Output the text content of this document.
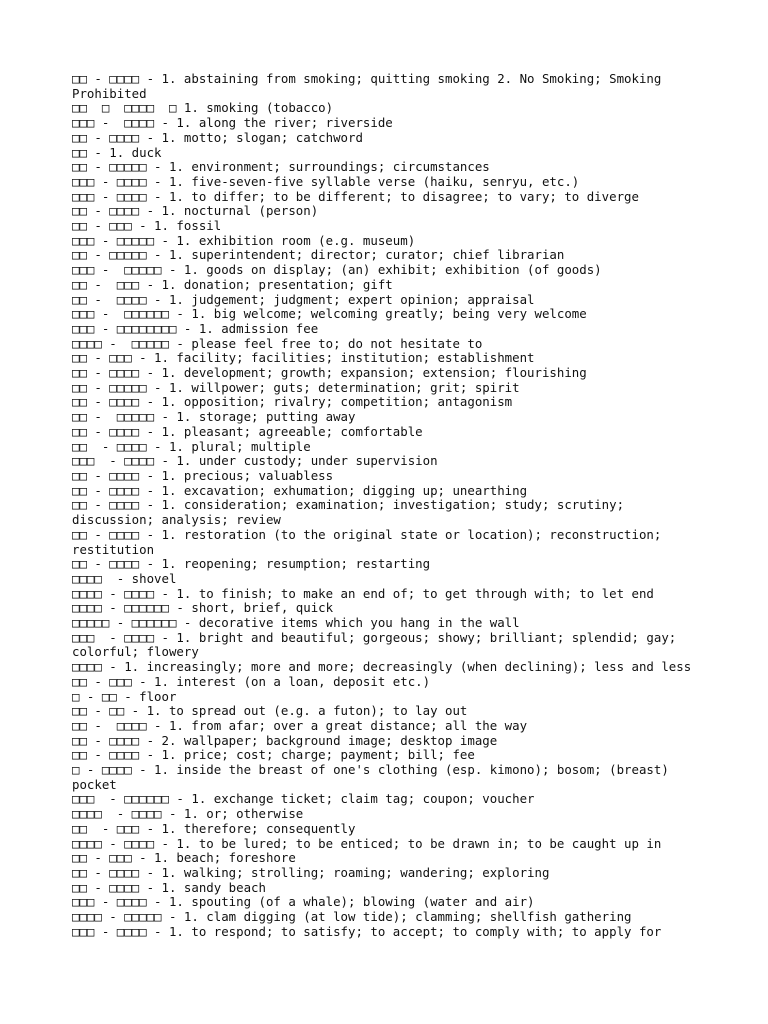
□□ - □□□□ - 1. abstaining from smoking; quitting smoking 2. No Smoking; Smoking Prohibited

□□  □  □□□□  □ 1. smoking (tobacco)

□□□ -  □□□□ - 1. along the river; riverside

□□ - □□□□ - 1. motto; slogan; catchword

□□ - 1. duck

□□ - □□□□□ - 1. environment; surroundings; circumstances

□□□ - □□□□ - 1. five-seven-five syllable verse (haiku, senryu, etc.)

□□□ - □□□□ - 1. to differ; to be different; to disagree; to vary; to diverge

□□ - □□□□ - 1. nocturnal (person)

□□ - □□□ - 1. fossil

□□□ - □□□□□ - 1. exhibition room (e.g. museum)

□□ - □□□□□ - 1. superintendent; director; curator; chief librarian

□□□ -  □□□□□ - 1. goods on display; (an) exhibit; exhibition (of goods)

□□ -  □□□ - 1. donation; presentation; gift

□□ -  □□□□ - 1. judgement; judgment; expert opinion; appraisal

□□□ -  □□□□□□ - 1. big welcome; welcoming greatly; being very welcome

□□□ - □□□□□□□□ - 1. admission fee

□□□□ -  □□□□□ - please feel free to; do not hesitate to

□□ - □□□ - 1. facility; facilities; institution; establishment

□□ - □□□□ - 1. development; growth; expansion; extension; flourishing

□□ - □□□□□ - 1. willpower; guts; determination; grit; spirit

□□ - □□□□ - 1. opposition; rivalry; competition; antagonism

□□ -  □□□□□ - 1. storage; putting away

□□ - □□□□ - 1. pleasant; agreeable; comfortable

□□  - □□□□ - 1. plural; multiple

□□□  - □□□□ - 1. under custody; under supervision

□□ - □□□□ - 1. precious; valuabless

□□ - □□□□ - 1. excavation; exhumation; digging up; unearthing

□□ - □□□□ - 1. consideration; examination; investigation; study; scrutiny; discussion; analysis; review

□□ - □□□□ - 1. restoration (to the original state or location); reconstruction; restitution

□□ - □□□□ - 1. reopening; resumption; restarting

□□□□  - shovel

□□□□ - □□□□ - 1. to finish; to make an end of; to get through with; to let end

□□□□ - □□□□□□ - short, brief, quick

□□□□□ - □□□□□□ - decorative items which you hang in the wall

□□□  - □□□□ - 1. bright and beautiful; gorgeous; showy; brilliant; splendid; gay; colorful; flowery

□□□□ - 1. increasingly; more and more; decreasingly (when declining); less and less

□□ - □□□ - 1. interest (on a loan, deposit etc.)

□ - □□ - floor

□□ - □□ - 1. to spread out (e.g. a futon); to lay out

□□ -  □□□□ - 1. from afar; over a great distance; all the way

□□ - □□□□ - 2. wallpaper; background image; desktop image

□□ - □□□□ - 1. price; cost; charge; payment; bill; fee

□ - □□□□ - 1. inside the breast of one's clothing (esp. kimono); bosom; (breast) pocket

□□□  - □□□□□□ - 1. exchange ticket; claim tag; coupon; voucher

□□□□  - □□□□ - 1. or; otherwise

□□  - □□□ - 1. therefore; consequently

□□□□ - □□□□ - 1. to be lured; to be enticed; to be drawn in; to be caught up in

□□ - □□□ - 1. beach; foreshore

□□ - □□□□ - 1. walking; strolling; roaming; wandering; exploring

□□ - □□□□ - 1. sandy beach

□□□ - □□□□ - 1. spouting (of a whale); blowing (water and air)

□□□□ - □□□□□ - 1. clam digging (at low tide); clamming; shellfish gathering

□□□ - □□□□ - 1. to respond; to satisfy; to accept; to comply with; to apply for
